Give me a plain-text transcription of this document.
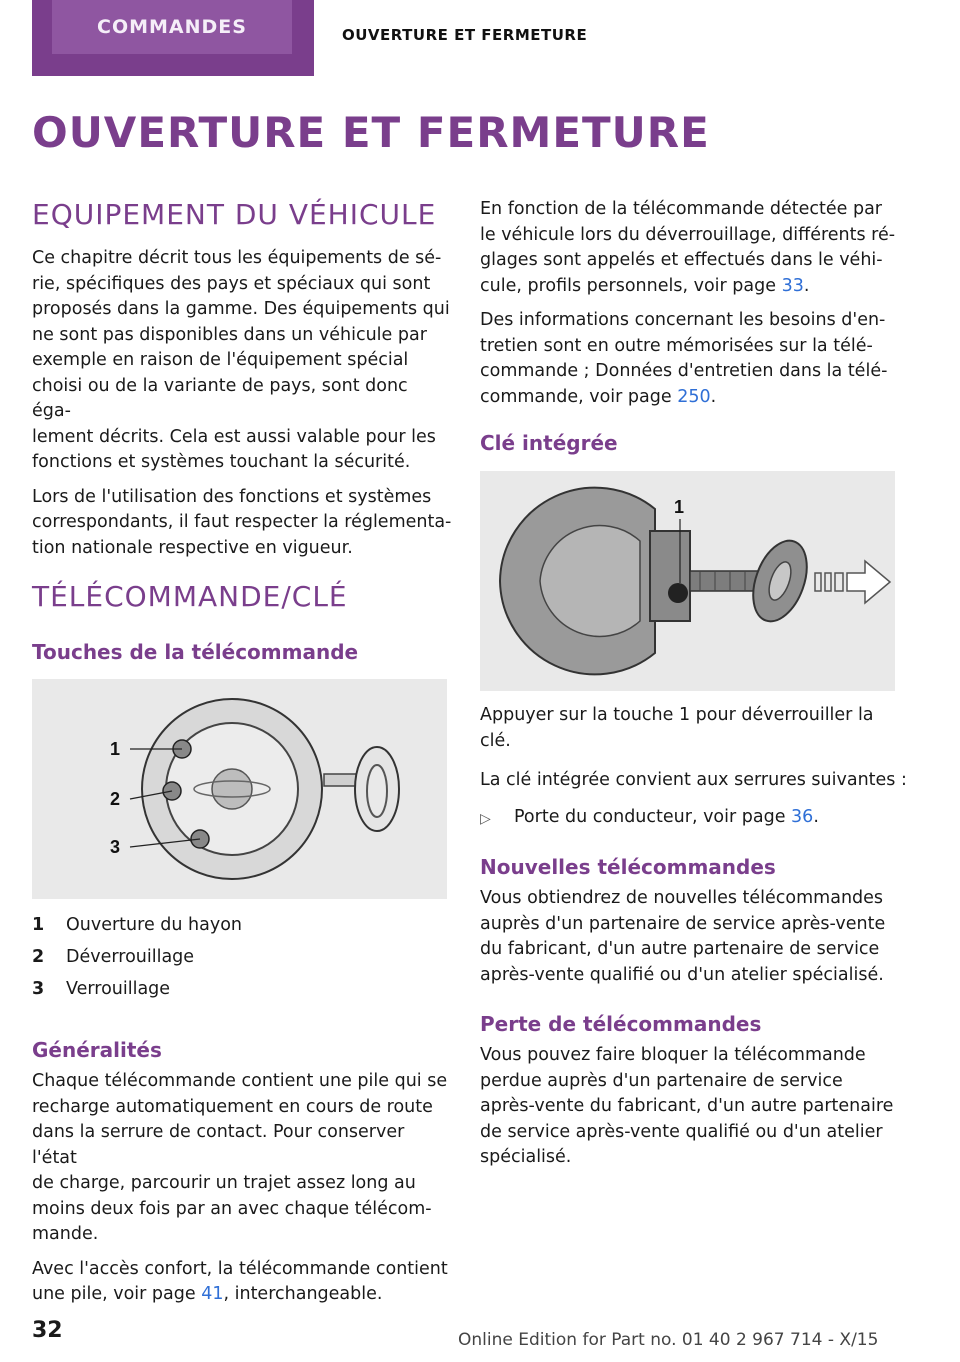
COMMANDES	OUVERTURE ET FERMETURE
OUVERTURE ET FERMETURE
EQUIPEMENT DU VÉHICULE

Ce chapitre décrit tous les équipements de sé‐
rie, spécifiques des pays et spéciaux qui sont
proposés dans la gamme. Des équipements qui
ne sont pas disponibles dans un véhicule par
exemple en raison de l'équipement spécial
choisi ou de la variante de pays, sont donc éga‐
lement décrits. Cela est aussi valable pour les
fonctions et systèmes touchant la sécurité.

Lors de l'utilisation des fonctions et systèmes
correspondants, il faut respecter la réglementa‐
tion nationale respective en vigueur.

TÉLÉCOMMANDE/CLÉ
Touches de la télécommande
1
2
3
1	Ouverture du hayon
2	Déverrouillage
3	Verrouillage
Généralités

Chaque télécommande contient une pile qui se
recharge automatiquement en cours de route
dans la serrure de contact. Pour conserver l'état
de charge, parcourir un trajet assez long au
moins deux fois par an avec chaque télécom‐
mande.

Avec l'accès confort, la télécommande contient
une pile, voir page 41, interchangeable.

En fonction de la télécommande détectée par
le véhicule lors du déverrouillage, différents ré‐
glages sont appelés et effectués dans le véhi‐
cule, profils personnels, voir page 33.

Des informations concernant les besoins d'en‐
tretien sont en outre mémorisées sur la télé‐
commande ; Données d'entretien dans la télé‐
commande, voir page 250.

Clé intégrée
1

Appuyer sur la touche 1 pour déverrouiller la
clé.

La clé intégrée convient aux serrures suivantes :

▷	Porte du conducteur, voir page 36.
Nouvelles télécommandes
Vous obtiendrez de nouvelles télécommandes
auprès d'un partenaire de service après-vente
du fabricant, d'un autre partenaire de service
après-vente qualifié ou d'un atelier spécialisé.
Perte de télécommandes
Vous pouvez faire bloquer la télécommande
perdue auprès d'un partenaire de service
après-vente du fabricant, d'un autre partenaire
de service après-vente qualifié ou d'un atelier
spécialisé.
32	Online Edition for Part no. 01 40 2 967 714 - X/15
